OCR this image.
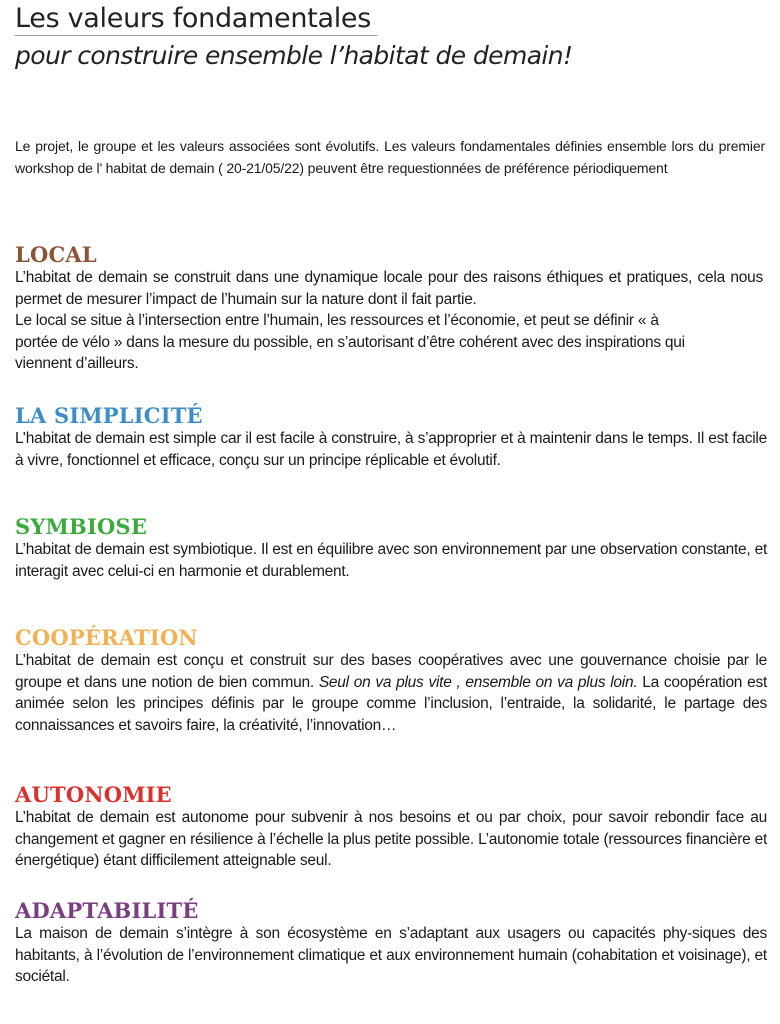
Les valeurs fondamentales
pour construire ensemble l’habitat de demain!

Le projet, le groupe et les valeurs associées sont évolutifs. Les valeurs fondamentales définies ensemble lors du premier workshop de l’ habitat de demain ( 20-21/05/22) peuvent être requestionnées de préférence périodiquement

LOCAL

L’habitat de demain se construit dans une dynamique locale pour des raisons éthiques et pratiques, cela nous permet de mesurer l’impact de l’humain sur la nature dont il fait partie.

Le local se situe à l’intersection entre l’humain, les ressources et l’économie, et peut se définir « à portée de vélo » dans la mesure du possible, en s’autorisant d’être cohérent avec des inspirations qui viennent d’ailleurs.

LA SIMPLICITÉ

L’habitat de demain est simple car il est facile à construire, à s’approprier et à maintenir dans le temps. Il est facile à vivre, fonctionnel et efficace, conçu sur un principe réplicable et évolutif.

SYMBIOSE

L’habitat de demain est symbiotique. Il est en équilibre avec son environnement par une observation constante, et interagit avec celui-ci en harmonie et durablement.

COOPÉRATION

L’habitat de demain est conçu et construit sur des bases coopératives avec une gouvernance choisie par le groupe et dans une notion de bien commun. Seul on va plus vite , ensemble on va plus loin. La coopération est animée selon les principes définis par le groupe comme l’inclusion, l’entraide, la solidarité, le partage des connaissances et savoirs faire, la créativité, l’innovation…

AUTONOMIE

L’habitat de demain est autonome pour subvenir à nos besoins et ou par choix, pour savoir rebondir face au changement et gagner en résilience à l’échelle la plus petite possible. L’autonomie totale (ressources financière et énergétique) étant difficilement atteignable seul.

ADAPTABILITÉ

La maison de demain s’intègre à son écosystème en s’adaptant aux usagers ou capacités phy-siques des habitants, à l’évolution de l’environnement climatique et aux environnement humain (cohabitation et voisinage), et sociétal.
